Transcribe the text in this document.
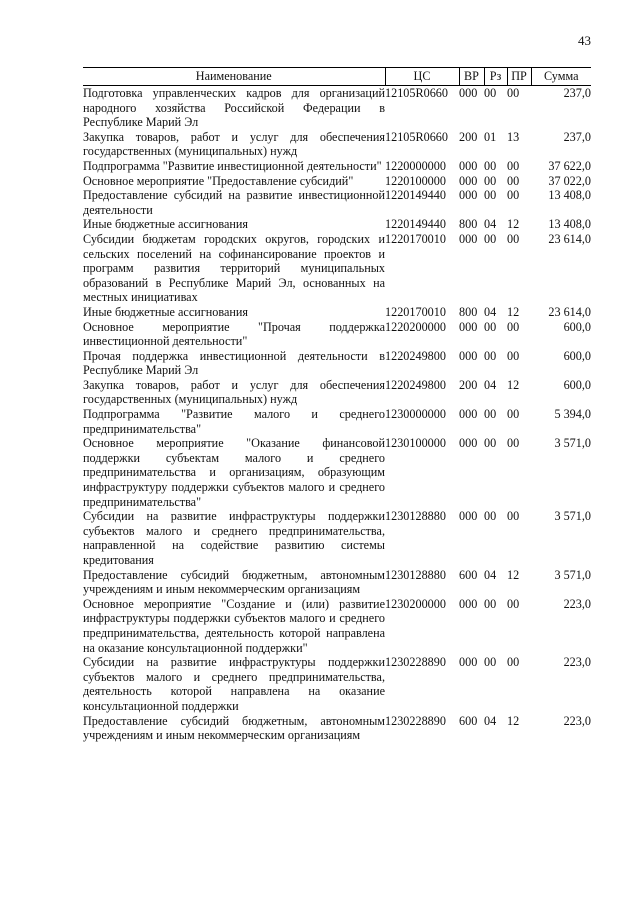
43
Наименование	ЦС	ВР	Рз	ПР	Сумма
Подготовка управленческих кадров для организаций народного хозяйства Российской Федерации в Республике Марий Эл	12105R0660	000	00	00	237,0
Закупка товаров, работ и услуг для обеспечения государственных (муниципальных) нужд	12105R0660	200	01	13	237,0
Подпрограмма "Развитие инвестиционной деятельности"	1220000000	000	00	00	37 622,0
Основное мероприятие "Предоставление субсидий"	1220100000	000	00	00	37 022,0
Предоставление субсидий на развитие инвестиционной деятельности	1220149440	000	00	00	13 408,0
Иные бюджетные ассигнования	1220149440	800	04	12	13 408,0
Субсидии бюджетам городских округов, городских и сельских поселений на софинансирование проектов и программ развития территорий муниципальных образований в Республике Марий Эл, основанных на местных инициативах	1220170010	000	00	00	23 614,0
Иные бюджетные ассигнования	1220170010	800	04	12	23 614,0
Основное мероприятие "Прочая поддержка инвестиционной деятельности"	1220200000	000	00	00	600,0
Прочая поддержка инвестиционной деятельности в Республике Марий Эл	1220249800	000	00	00	600,0
Закупка товаров, работ и услуг для обеспечения государственных (муниципальных) нужд	1220249800	200	04	12	600,0
Подпрограмма "Развитие малого и среднего предпринимательства"	1230000000	000	00	00	5 394,0
Основное мероприятие "Оказание финансовой поддержки субъектам малого и среднего предпринимательства и организациям, образующим инфраструктуру поддержки субъектов малого и среднего предпринимательства"	1230100000	000	00	00	3 571,0
Субсидии на развитие инфраструктуры поддержки субъектов малого и среднего предпринимательства, направленной на содействие развитию системы кредитования	1230128880	000	00	00	3 571,0
Предоставление субсидий бюджетным, автономным учреждениям и иным некоммерческим организациям	1230128880	600	04	12	3 571,0
Основное мероприятие "Создание и (или) развитие инфраструктуры поддержки субъектов малого и среднего предпринимательства, деятельность которой направлена на оказание консультационной поддержки"	1230200000	000	00	00	223,0
Субсидии на развитие инфраструктуры поддержки субъектов малого и среднего предпринимательства, деятельность которой направлена на оказание консультационной поддержки	1230228890	000	00	00	223,0
Предоставление субсидий бюджетным, автономным учреждениям и иным некоммерческим организациям	1230228890	600	04	12	223,0
